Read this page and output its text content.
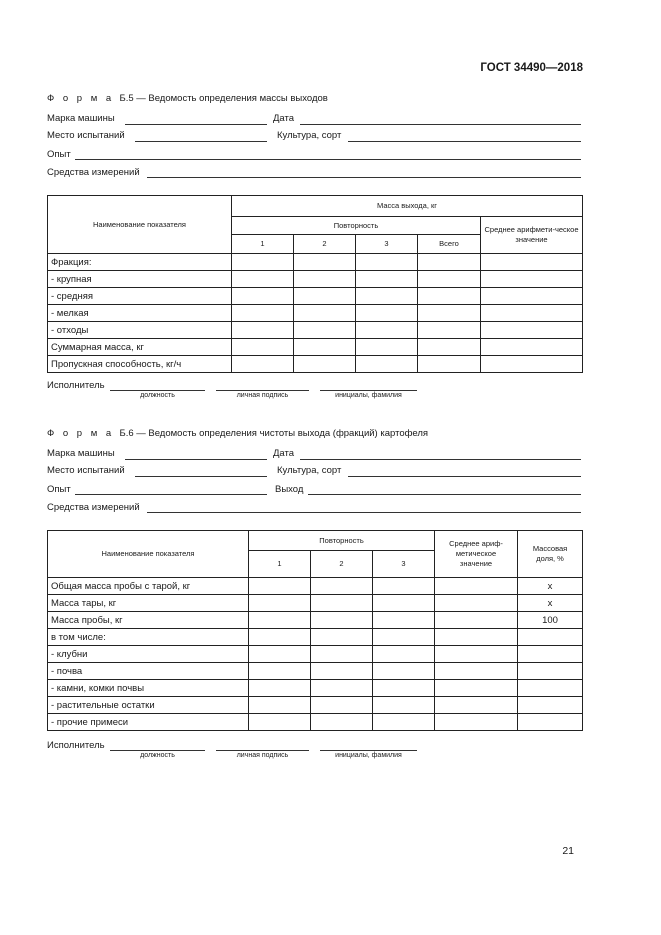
ГОСТ 34490—2018
Ф о р м а Б.5 — Ведомость определения массы выходов
Марка машины	Дата
Место испытаний	Культура, сорт
Опыт
Средства измерений
Наименование показателя	Масса выхода, кг				
	Повторность				Среднее арифмети-ческое значение
	1	2	3	Всего	
Фракция:					
- крупная					
- средняя					
- мелкая					
- отходы					
Суммарная масса, кг					
Пропускная способность, кг/ч					
Исполнитель
должность	личная подпись	инициалы, фамилия
Ф о р м а Б.6 — Ведомость определения чистоты выхода (фракций) картофеля
Марка машины	Дата
Место испытаний	Культура, сорт
Опыт	Выход
Средства измерений
Наименование показателя	Повторность			Среднее ариф-метическое значение	Массовая доля, %
	1	2	3		
Общая масса пробы с тарой, кг					x
Масса тары, кг					x
Масса пробы, кг					100
в том числе:					
- клубни					
- почва					
- камни, комки почвы					
- растительные остатки					
- прочие примеси					
Исполнитель
должность	личная подпись	инициалы, фамилия
21
